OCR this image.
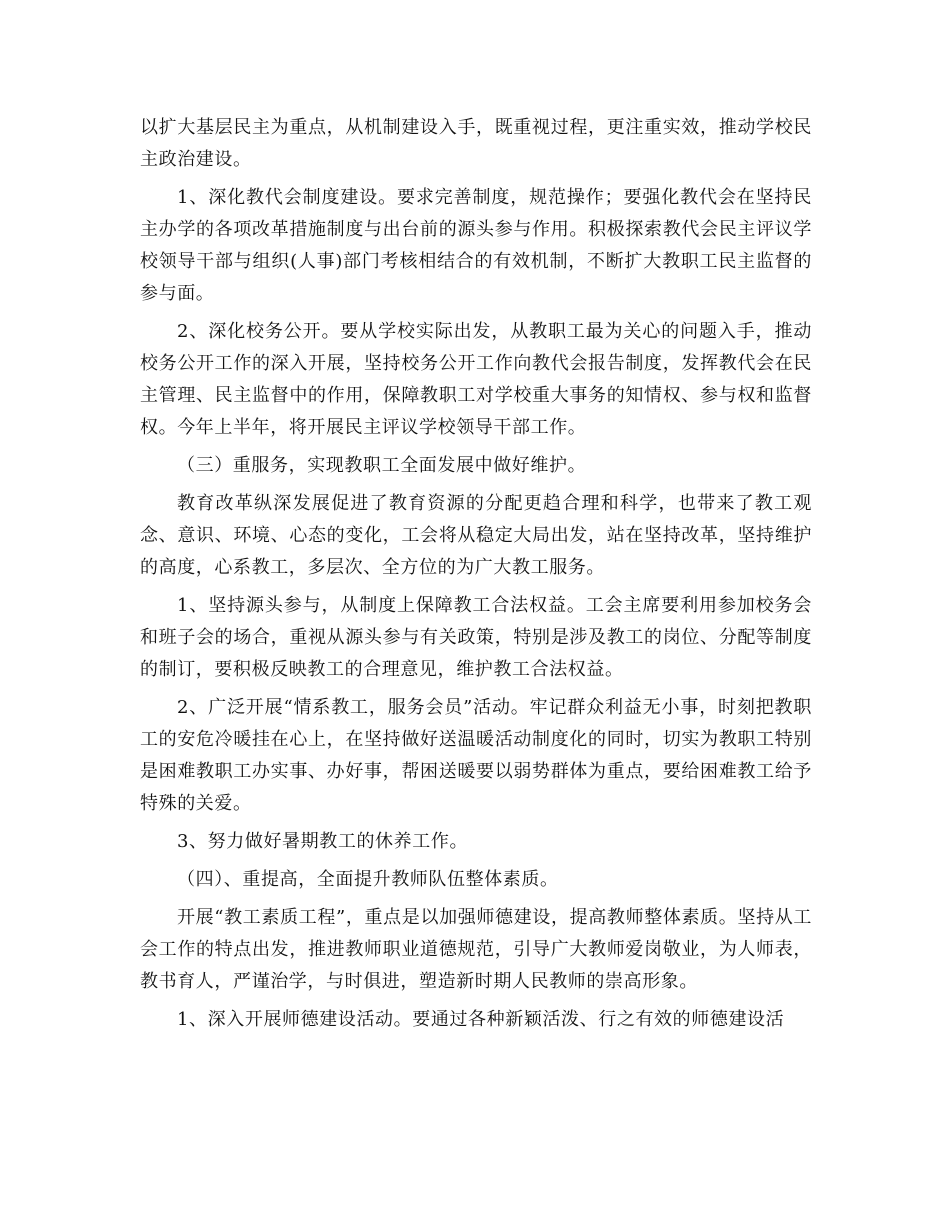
以扩大基层民主为重点，从机制建设入手，既重视过程，更注重实效，推动学校民主政治建设。

1、深化教代会制度建设。要求完善制度，规范操作；要强化教代会在坚持民主办学的各项改革措施制度与出台前的源头参与作用。积极探索教代会民主评议学校领导干部与组织(人事)部门考核相结合的有效机制，不断扩大教职工民主监督的参与面。

2、深化校务公开。要从学校实际出发，从教职工最为关心的问题入手，推动校务公开工作的深入开展，坚持校务公开工作向教代会报告制度，发挥教代会在民主管理、民主监督中的作用，保障教职工对学校重大事务的知情权、参与权和监督权。今年上半年，将开展民主评议学校领导干部工作。

（三）重服务，实现教职工全面发展中做好维护。

教育改革纵深发展促进了教育资源的分配更趋合理和科学，也带来了教工观念、意识、环境、心态的变化，工会将从稳定大局出发，站在坚持改革，坚持维护的高度，心系教工，多层次、全方位的为广大教工服务。

1、坚持源头参与，从制度上保障教工合法权益。工会主席要利用参加校务会和班子会的场合，重视从源头参与有关政策，特别是涉及教工的岗位、分配等制度的制订，要积极反映教工的合理意见，维护教工合法权益。

2、广泛开展“情系教工，服务会员”活动。牢记群众利益无小事，时刻把教职工的安危冷暖挂在心上，在坚持做好送温暖活动制度化的同时，切实为教职工特别是困难教职工办实事、办好事，帮困送暖要以弱势群体为重点，要给困难教工给予特殊的关爱。

3、努力做好暑期教工的休养工作。

（四）、重提高，全面提升教师队伍整体素质。

开展“教工素质工程”，重点是以加强师德建设，提高教师整体素质。坚持从工会工作的特点出发，推进教师职业道德规范，引导广大教师爱岗敬业，为人师表，教书育人，严谨治学，与时俱进，塑造新时期人民教师的崇高形象。

1、深入开展师德建设活动。要通过各种新颖活泼、行之有效的师德建设活
